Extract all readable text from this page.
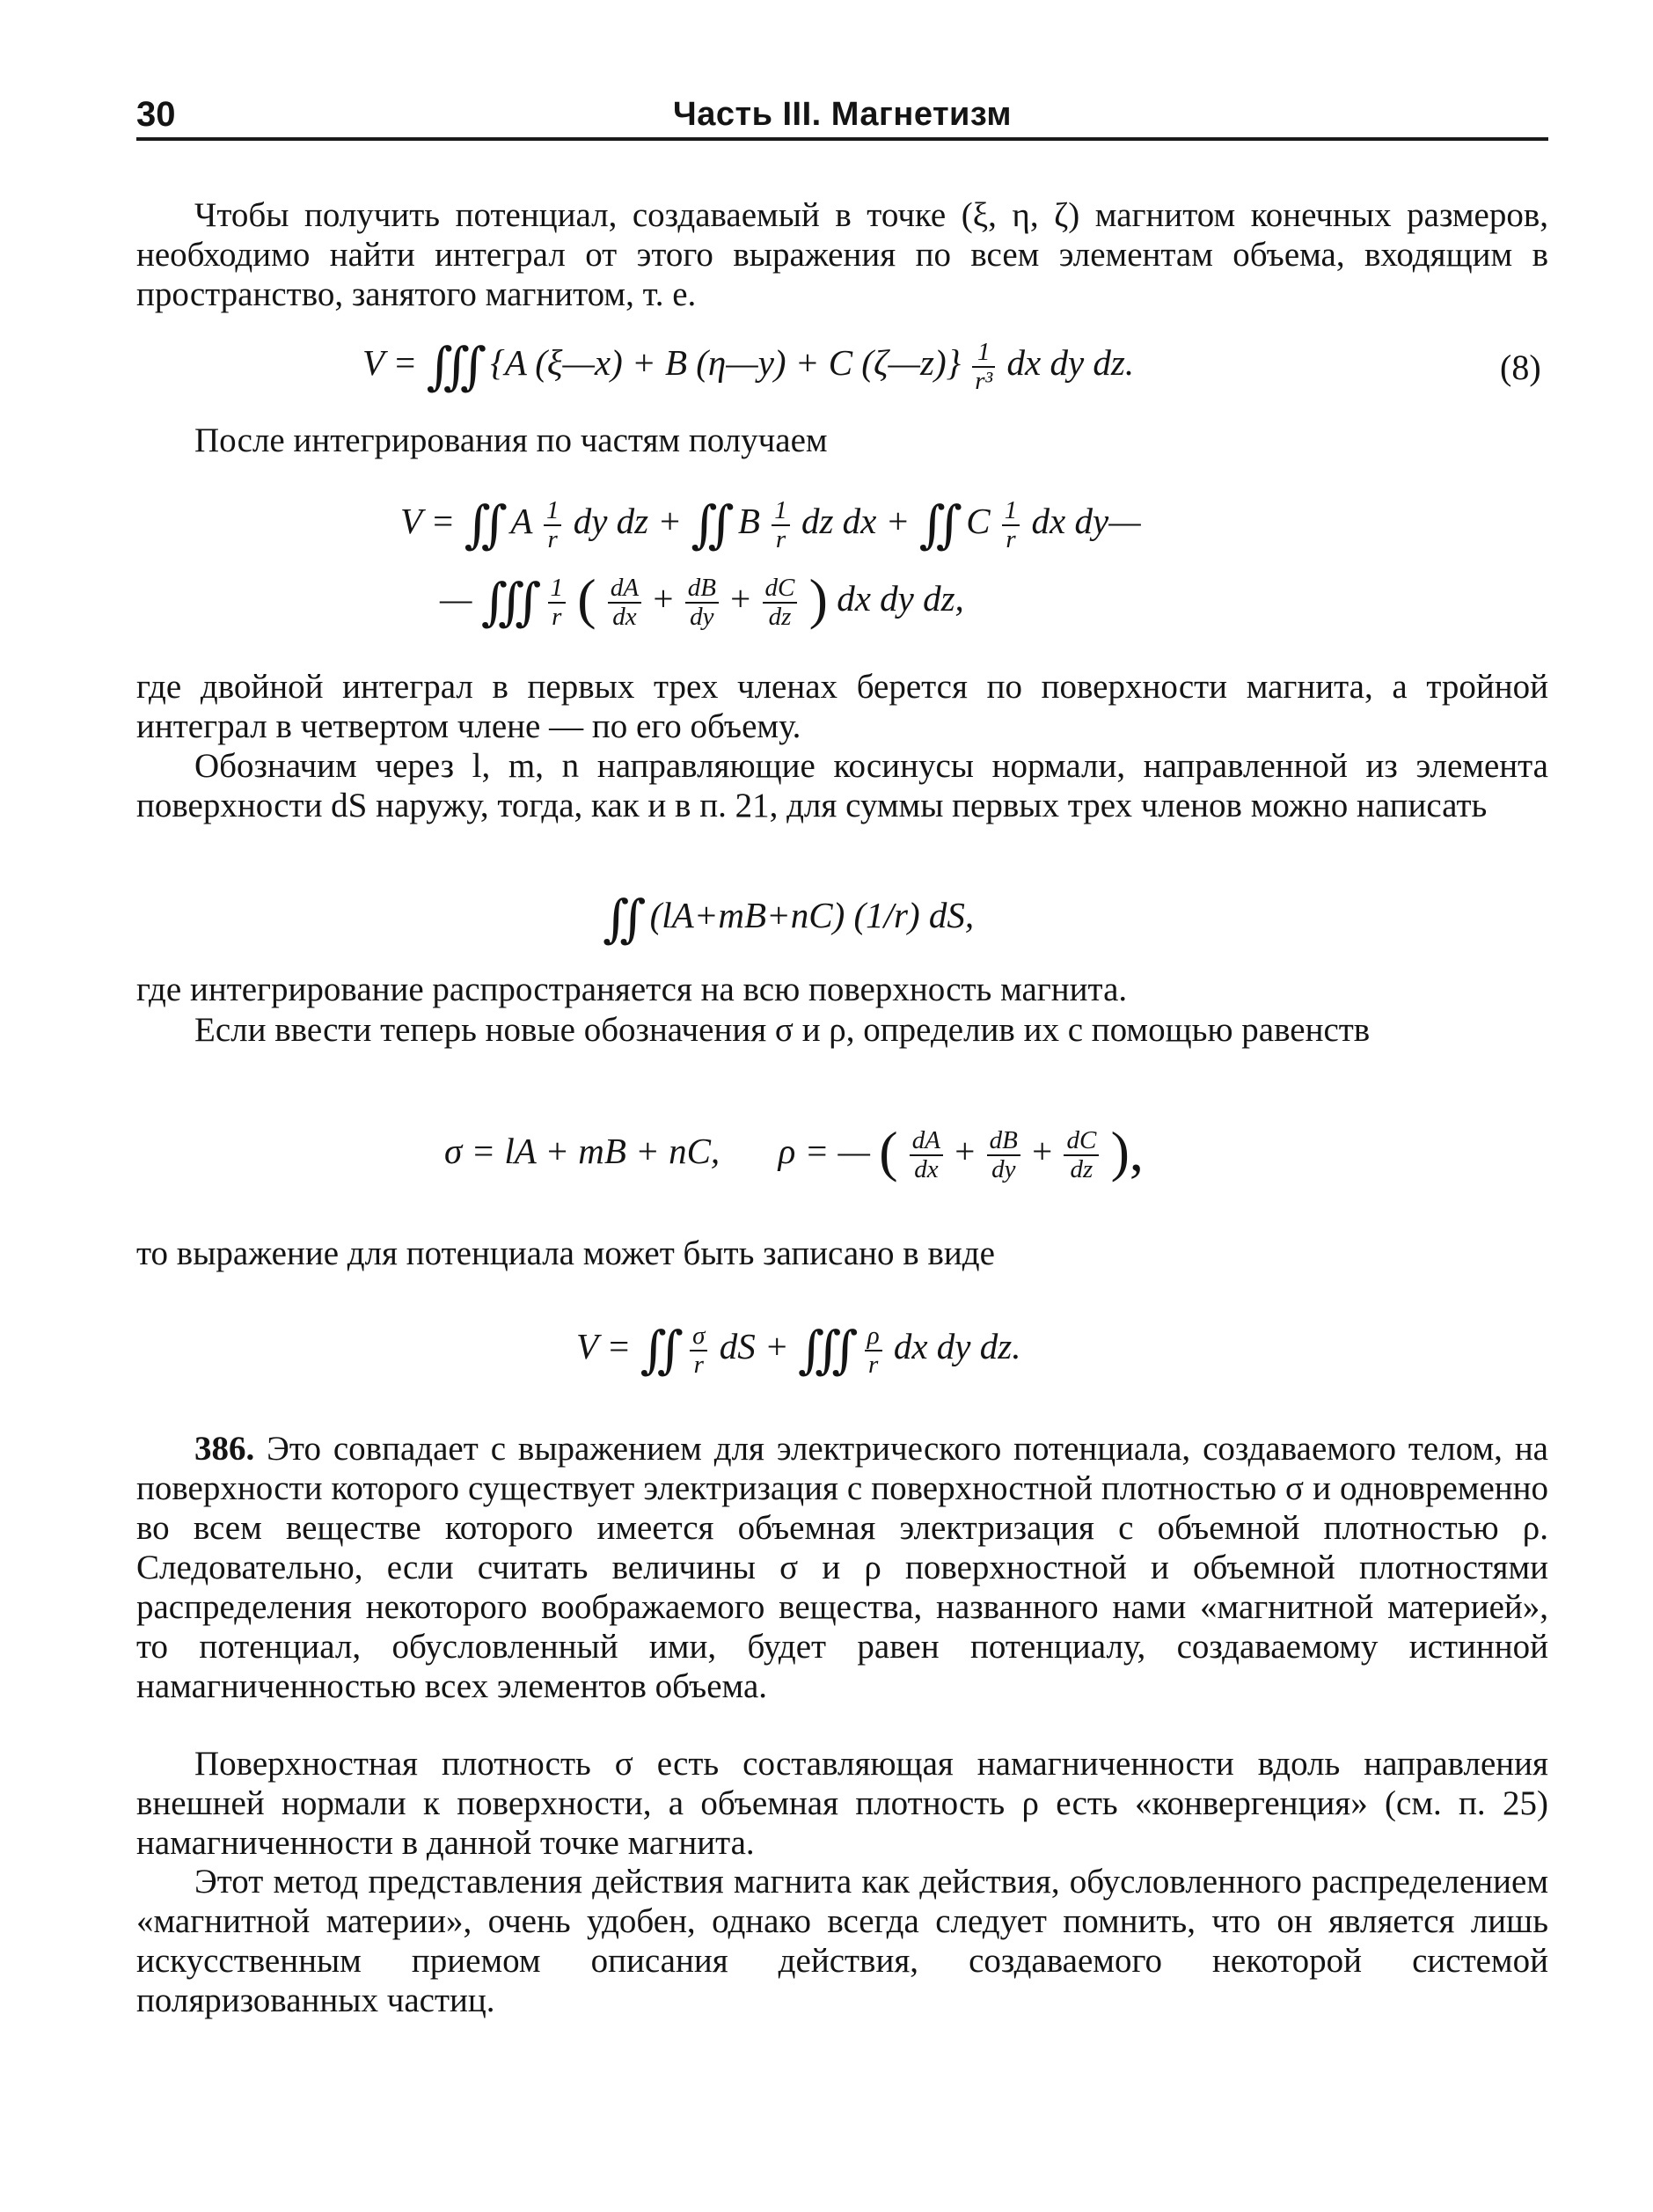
30	Часть III. Магнетизм

Чтобы получить потенциал, создаваемый в точке (ξ, η, ζ) магнитом конечных размеров, необходимо найти интеграл от этого выражения по всем элементам объема, входящим в пространство, занятого магнитом, т. е.

V = ∭ {A (ξ—x) + B (η—y) + C (ζ—z)} $\frac{1}{\text{r³}}$ dx dy dz.	(8)

После интегрирования по частям получаем

V = ∬ A $\frac{1}{r}$ dy dz + ∬ B $\frac{1}{r}$ dz dx + ∬ C $\frac{1}{r}$ dx dy—
— ∭ $\frac{1}{r}$ ( $\frac{dA}{dx} + \frac{dB}{dy} + \frac{dC}{dz}$ ) dx dy dz,

где двойной интеграл в первых трех членах берется по поверхности магнита, а тройной интеграл в четвертом члене — по его объему.

Обозначим через l, m, n направляющие косинусы нормали, направленной из элемента поверхности dS наружу, тогда, как и в п. 21, для суммы первых трех членов можно написать

∬ (lA+mB+nC) (1/r) dS,

где интегрирование распространяется на всю поверхность магнита.

Если ввести теперь новые обозначения σ и ρ, определив их с помощью равенств

σ = lA + mB + nC, ρ = — ( $\frac{dA}{dx} + \frac{dB}{dy} + \frac{dC}{dz}$ ),

то выражение для потенциала может быть записано в виде

V = ∬ $\frac{\sigma}{r}$ dS + ∭ $\frac{\rho}{r}$ dx dy dz.

386. Это совпадает с выражением для электрического потенциала, создаваемого телом, на поверхности которого существует электризация с поверхностной плотностью σ и одновременно во всем веществе которого имеется объемная электризация с объемной плотностью ρ. Следовательно, если считать величины σ и ρ поверхностной и объемной плотностями распределения некоторого воображаемого вещества, названного нами «магнитной материей», то потенциал, обусловленный ими, будет равен потенциалу, создаваемому истинной намагниченностью всех элементов объема.

Поверхностная плотность σ есть составляющая намагниченности вдоль направления внешней нормали к поверхности, а объемная плотность ρ есть «конвергенция» (см. п. 25) намагниченности в данной точке магнита.

Этот метод представления действия магнита как действия, обусловленного распределением «магнитной материи», очень удобен, однако всегда следует помнить, что он является лишь искусственным приемом описания действия, создаваемого некоторой системой поляризованных частиц.
